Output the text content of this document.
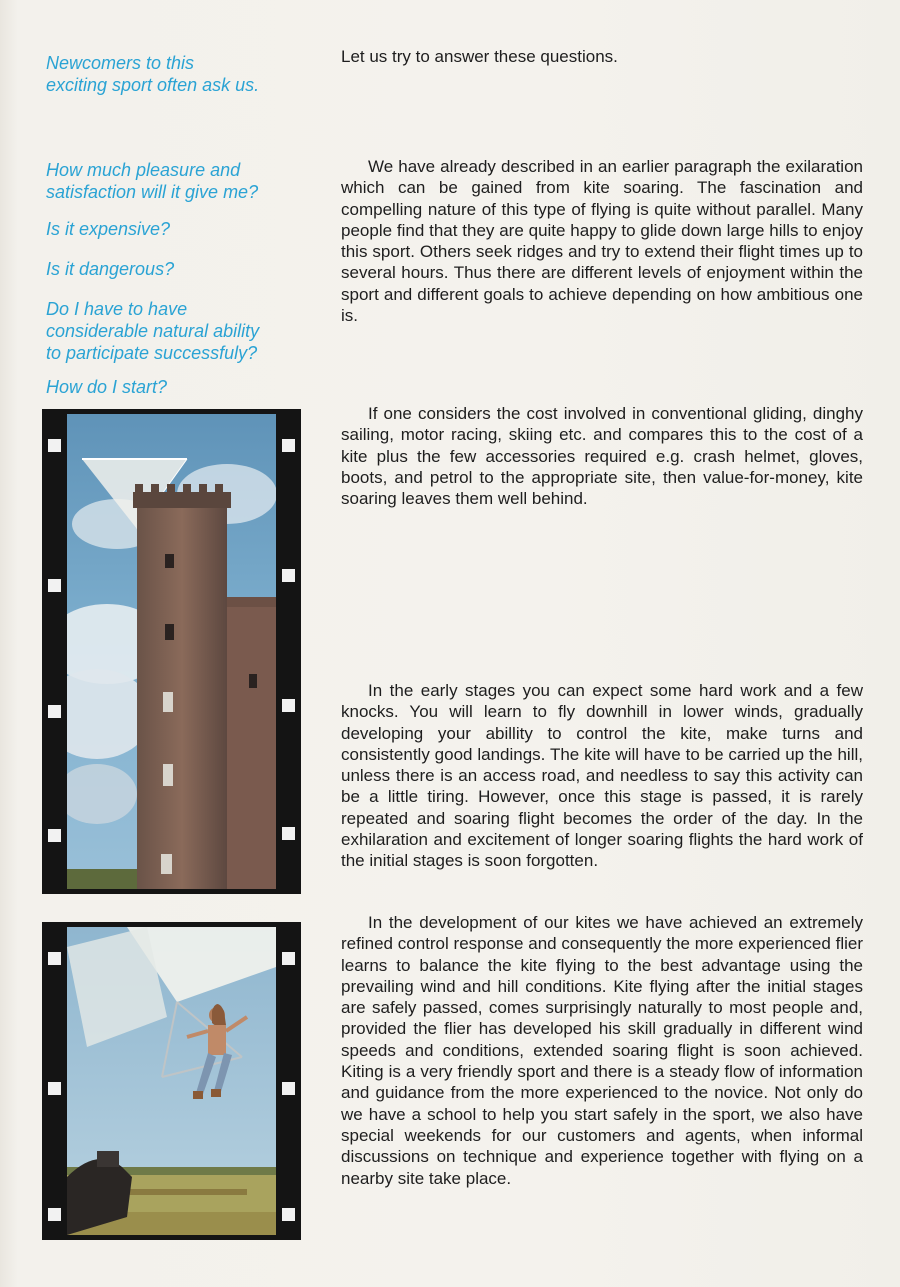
Newcomers to this
exciting sport often ask us.
How much pleasure and
satisfaction will it give me?
Is it expensive?
Is it dangerous?
Do I have to have
considerable natural ability
to participate successfuly?
How do I start?
Let us try to answer these questions.
We have already described in an earlier paragraph the exilaration which can be gained from kite soaring. The fascination and compelling nature of this type of flying is quite without parallel. Many people find that they are quite happy to glide down large hills to enjoy this sport. Others seek ridges and try to extend their flight times up to several hours. Thus there are different levels of enjoyment within the sport and different goals to achieve depending on how ambitious one is.
If one considers the cost involved in conventional gliding, dinghy sailing, motor racing, skiing etc. and compares this to the cost of a kite plus the few accessories required e.g. crash helmet, gloves, boots, and petrol to the appropriate site, then value-for-money, kite soaring leaves them well behind.
In the early stages you can expect some hard work and a few knocks. You will learn to fly downhill in lower winds, gradually developing your abillity to control the kite, make turns and consistently good landings. The kite will have to be carried up the hill, unless there is an access road, and needless to say this activity can be a little tiring. However, once this stage is passed, it is rarely repeated and soaring flight becomes the order of the day. In the exhilaration and excitement of longer soaring flights the hard work of the initial stages is soon forgotten.
In the development of our kites we have achieved an extremely refined control response and consequently the more experienced flier learns to balance the kite flying to the best advantage using the prevailing wind and hill conditions. Kite flying after the initial stages are safely passed, comes surprisingly naturally to most people and, provided the flier has developed his skill gradually in different wind speeds and conditions, extended soaring flight is soon achieved. Kiting is a very friendly sport and there is a steady flow of information and guidance from the more experienced to the novice. Not only do we have a school to help you start safely in the sport, we also have special weekends for our customers and agents, when informal discussions on technique and experience together with flying on a nearby site take place.
